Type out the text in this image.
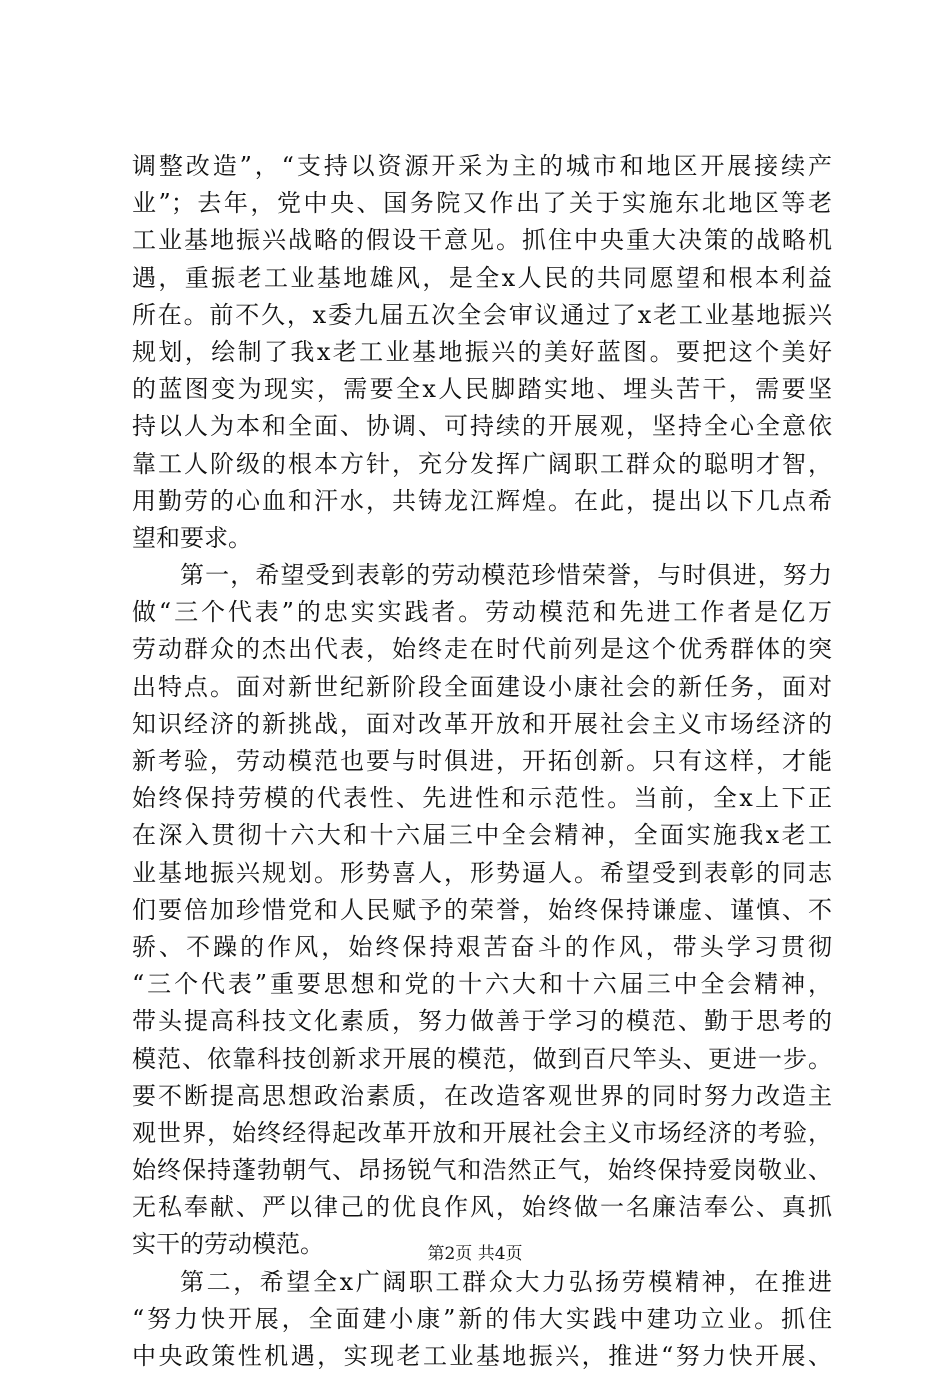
调整改造”，“支持以资源开采为主的城市和地区开展接续产
业”；去年，党中央、国务院又作出了关于实施东北地区等老
工业基地振兴战略的假设干意见。抓住中央重大决策的战略机
遇，重振老工业基地雄风，是全x人民的共同愿望和根本利益
所在。前不久，x委九届五次全会审议通过了x老工业基地振兴
规划，绘制了我x老工业基地振兴的美好蓝图。要把这个美好
的蓝图变为现实，需要全x人民脚踏实地、埋头苦干，需要坚
持以人为本和全面、协调、可持续的开展观，坚持全心全意依
靠工人阶级的根本方针，充分发挥广阔职工群众的聪明才智，
用勤劳的心血和汗水，共铸龙江辉煌。在此，提出以下几点希
望和要求。
第一，希望受到表彰的劳动模范珍惜荣誉，与时俱进，努力
做“三个代表”的忠实实践者。劳动模范和先进工作者是亿万
劳动群众的杰出代表，始终走在时代前列是这个优秀群体的突
出特点。面对新世纪新阶段全面建设小康社会的新任务，面对
知识经济的新挑战，面对改革开放和开展社会主义市场经济的
新考验，劳动模范也要与时俱进，开拓创新。只有这样，才能
始终保持劳模的代表性、先进性和示范性。当前，全x上下正
在深入贯彻十六大和十六届三中全会精神，全面实施我x老工
业基地振兴规划。形势喜人，形势逼人。希望受到表彰的同志
们要倍加珍惜党和人民赋予的荣誉，始终保持谦虚、谨慎、不
骄、不躁的作风，始终保持艰苦奋斗的作风，带头学习贯彻
“三个代表”重要思想和党的十六大和十六届三中全会精神，
带头提高科技文化素质，努力做善于学习的模范、勤于思考的
模范、依靠科技创新求开展的模范，做到百尺竿头、更进一步。
要不断提高思想政治素质，在改造客观世界的同时努力改造主
观世界，始终经得起改革开放和开展社会主义市场经济的考验，
始终保持蓬勃朝气、昂扬锐气和浩然正气，始终保持爱岗敬业、
无私奉献、严以律己的优良作风，始终做一名廉洁奉公、真抓
实干的劳动模范。
第二，希望全x广阔职工群众大力弘扬劳模精神，在推进
“努力快开展，全面建小康”新的伟大实践中建功立业。抓住
中央政策性机遇，实现老工业基地振兴，推进“努力快开展、
第2页 共4页
